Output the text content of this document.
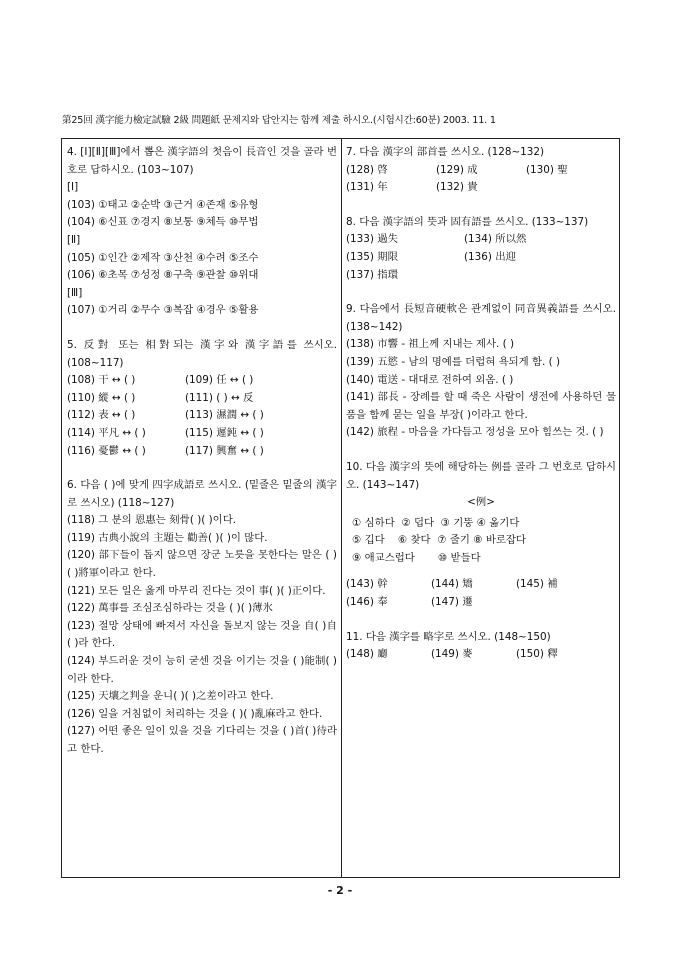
第25回 漢字能力檢定試驗 2級 問題紙 문제지와 답안지는 함께 제출 하시오.(시험시간:60분) 2003. 11. 1
4. [Ⅰ][Ⅱ][Ⅲ]에서 뽑은 漢字語의 첫음이 長音인 것을 골라 번호로 답하시오. (103~107)
[Ⅰ]
(103) ①태고 ②순박 ③근거 ④존재 ⑤유형
(104) ⑥신표 ⑦경지 ⑧보통 ⑨체득 ⑩무법
[Ⅱ]
(105) ①인간 ②제작 ③산천 ④수려 ⑤조수
(106) ⑥초목 ⑦성정 ⑧구축 ⑨관찰 ⑩위대
[Ⅲ]
(107) ①거리 ②무수 ③복잡 ④경우 ⑤활용
5. 反對 또는 相對되는 漢字와 漢字語를 쓰시오. (108~117)
(108) 干 ↔ ( )	(109) 任 ↔ ( )
(110) 縱 ↔ ( )	(111) ( ) ↔ 反
(112) 表 ↔ ( )	(113) 濕潤 ↔ ( )
(114) 平凡 ↔ ( )	(115) 遲鈍 ↔ ( )
(116) 憂鬱 ↔ ( )	(117) 興奮 ↔ ( )
6. 다음 ( )에 맞게 四字成語로 쓰시오. (밑줄은 밑줄의 漢字로 쓰시오) (118~127)
(118) 그 분의 恩惠는 刻骨( )( )이다.
(119) 古典小說의 主題는 勸善( )( )이 많다.
(120) 部下들이 돕지 않으면 장군 노릇을 못한다는 말은 ( )( )將軍이라고 한다.
(121) 모든 일은 옳게 마무리 진다는 것이 事( )( )正이다.
(122) 萬事를 조심조심하라는 것을 ( )( )薄氷
(123) 절망 상태에 빠져서 자신을 돌보지 않는 것을 自( )自( )라 한다.
(124) 부드러운 것이 능히 굳센 것을 이기는 것을 ( )能制( )이라 한다.
(125) 天壤之判을 운니( )( )之差이라고 한다.
(126) 일을 거침없이 처리하는 것을 ( )( )亂麻라고 한다.
(127) 어떤 좋은 일이 있을 것을 기다리는 것을 ( )首( )待라고 한다.
7. 다음 漢字의 部首를 쓰시오. (128~132)
(128) 啓	(129) 成	(130) 聖
(131) 年	(132) 貴
8. 다음 漢字語의 뜻과 固有語를 쓰시오. (133~137)
(133) 過失	(134) 所以然
(135) 期限	(136) 出迎
(137) 指環
9. 다음에서 長短音硬軟은 관계없이 同音異義語를 쓰시오. (138~142)
(138) 市響 - 祖上께 지내는 제사. ( )
(139) 五慾 - 남의 명예를 더럽혀 욕되게 함. ( )
(140) 電送 - 대대로 전하여 외옴. ( )
(141) 部長 - 장례를 할 때 죽은 사람이 생전에 사용하던 물품을 함께 묻는 일을 부장( )이라고 한다.
(142) 旅程 - 마음을 가다듬고 정성을 모아 힘쓰는 것. ( )
10. 다음 漢字의 뜻에 해당하는 例를 골라 그 번호로 답하시오. (143~147)
<例>
① 심하다  ② 덥다  ③ 기뚱 ④ 옮기다
⑤ 깁다    ⑥ 찾다  ⑦ 줄기 ⑧ 바로잡다
⑨ 애교스럽다       ⑩ 받들다
(143) 幹	(144) 矯	(145) 補
(146) 奉	(147) 遷
11. 다음 漢字를 略字로 쓰시오. (148~150)
(148) 廳	(149) 麥	(150) 釋
- 2 -
